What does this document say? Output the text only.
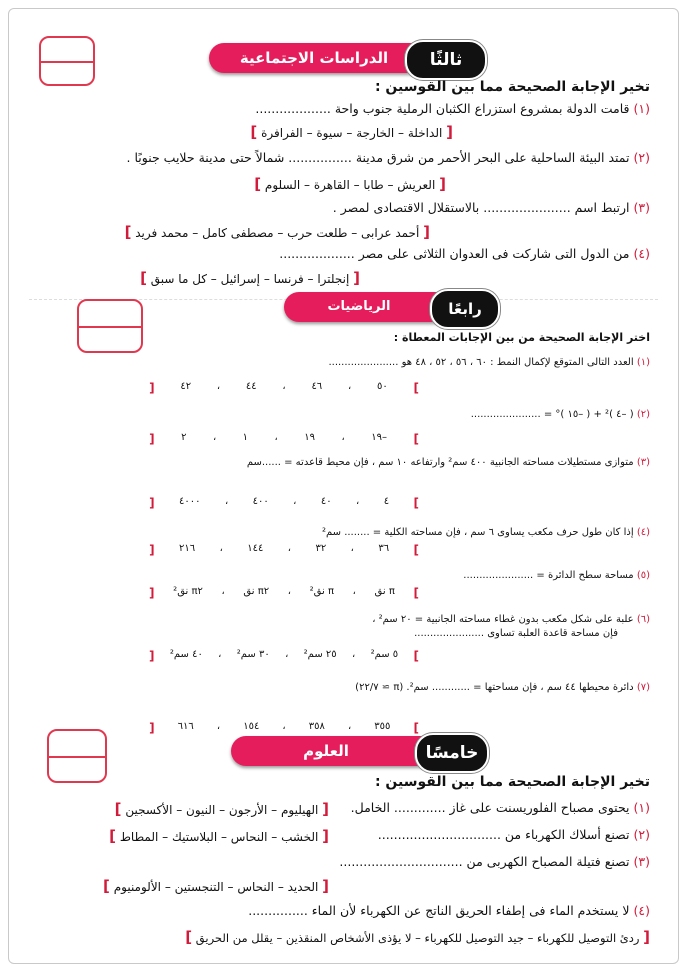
الدراسات الاجتماعية	ثالثًا
تخير الإجابة الصحيحة مما بين القوسين :
(١) قامت الدولة بمشروع استزراع الكثبان الرملية جنوب واحة ...................
[ الداخلة – الخارجة – سيوة – الفرافرة ]
(٢) تمتد البيئة الساحلية على البحر الأحمر من شرق مدينة ................ شمالاً حتى مدينة حلايب جنوبًا .
[ العريش – طابا – القاهرة – السلوم ]
(٣) ارتبط اسم ...................... بالاستقلال الاقتصادى لمصر .
[ أحمد عرابى – طلعت حرب – مصطفى كامل – محمد فريد ]
(٤) من الدول التى شاركت فى العدوان الثلاثى على مصر ...................
[ إنجلترا – فرنسا – إسرائيل – كل ما سبق ]
الرياضيات	رابعًا
اختر الإجابة الصحيحة من بين الإجابات المعطاة :
(١) العدد التالى المتوقع لإكمال النمط : ٦٠ ، ٥٦ ، ٥٢ ، ٤٨ هو ......................
]
٥٠
،
٤٦
،
٤٤
،
٤٢
[
(٢) ( –٤ )² + ( –١٥ )° = ......................
]
–١٩
،
١٩
،
١
،
٢
[
(٣) متوازى مستطيلات مساحته الجانبية ٤٠٠ سم² وارتفاعه ١٠ سم ، فإن محيط قاعدته = ......سم
]
٤
،
٤٠
،
٤٠٠
،
٤٠٠٠
[
(٤) إذا كان طول حرف مكعب يساوى ٦ سم ، فإن مساحته الكلية = ........ سم²
]
٣٦
،
٣٢
،
١٤٤
،
٢١٦
[
(٥) مساحة سطح الدائرة = ......................
]
π نق
،
π نق²
،
π٢ نق
،
π٢ نق²
[
(٦) علبة على شكل مكعب بدون غطاء مساحته الجانبية = ٢٠ سم² ،
فإن مساحة قاعدة العلبة تساوى ......................
]
٥ سم²
،
٢٥ سم²
،
٣٠ سم²
،
٤٠ سم²
[
(٧) دائرة محيطها ٤٤ سم ، فإن مساحتها = ............ سم². (π ≃ ٢٢/٧)
]
٣٥٥
،
٣٥٨
،
١٥٤
،
٦١٦
[
العلوم	خامسًا
تخير الإجابة الصحيحة مما بين القوسين :
(١) يحتوى مصباح الفلوريسنت على غاز ............. الخامل.
[ الهيليوم – الأرجون – النيون – الأكسجين ]
(٢) تصنع أسلاك الكهرباء من ...............................
[ الخشب – النحاس – البلاستيك – المطاط ]
(٣) تصنع فتيلة المصباح الكهربى من ...............................
[ الحديد – النحاس – التنجستين – الألومنيوم ]
(٤) لا يستخدم الماء فى إطفاء الحريق الناتج عن الكهرباء لأن الماء ...............
[ ردئ التوصيل للكهرباء – جيد التوصيل للكهرباء – لا يؤذى الأشخاص المنقذين – يقلل من الحريق ]
